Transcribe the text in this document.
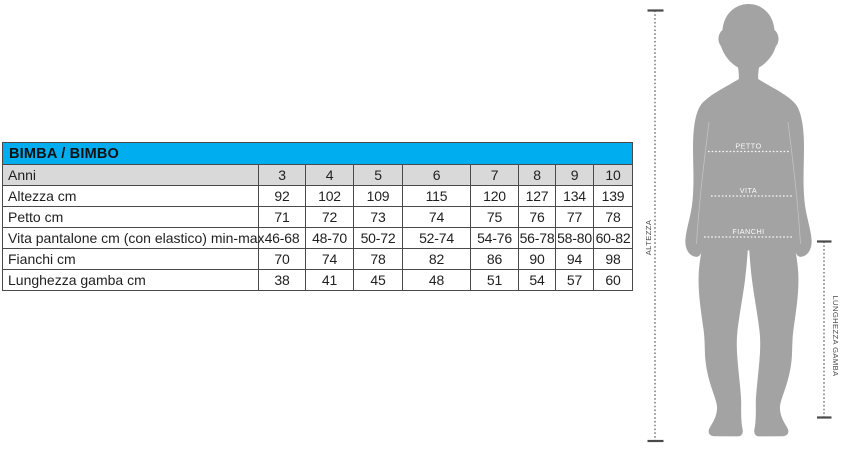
BIMBA / BIMBO								
Anni	3	4	5	6	7	8	9	10
Altezza cm	92	102	109	115	120	127	134	139
Petto cm	71	72	73	74	75	76	77	78
Vita pantalone cm (con elastico) min-max	46-68	48-70	50-72	52-74	54-76	56-78	58-80	60-82
Fianchi cm	70	74	78	82	86	90	94	98
Lunghezza gamba cm	38	41	45	48	51	54	57	60
PETTO
VITA
FIANCHI
ALTEZZA
LUNGHEZZA GAMBA
